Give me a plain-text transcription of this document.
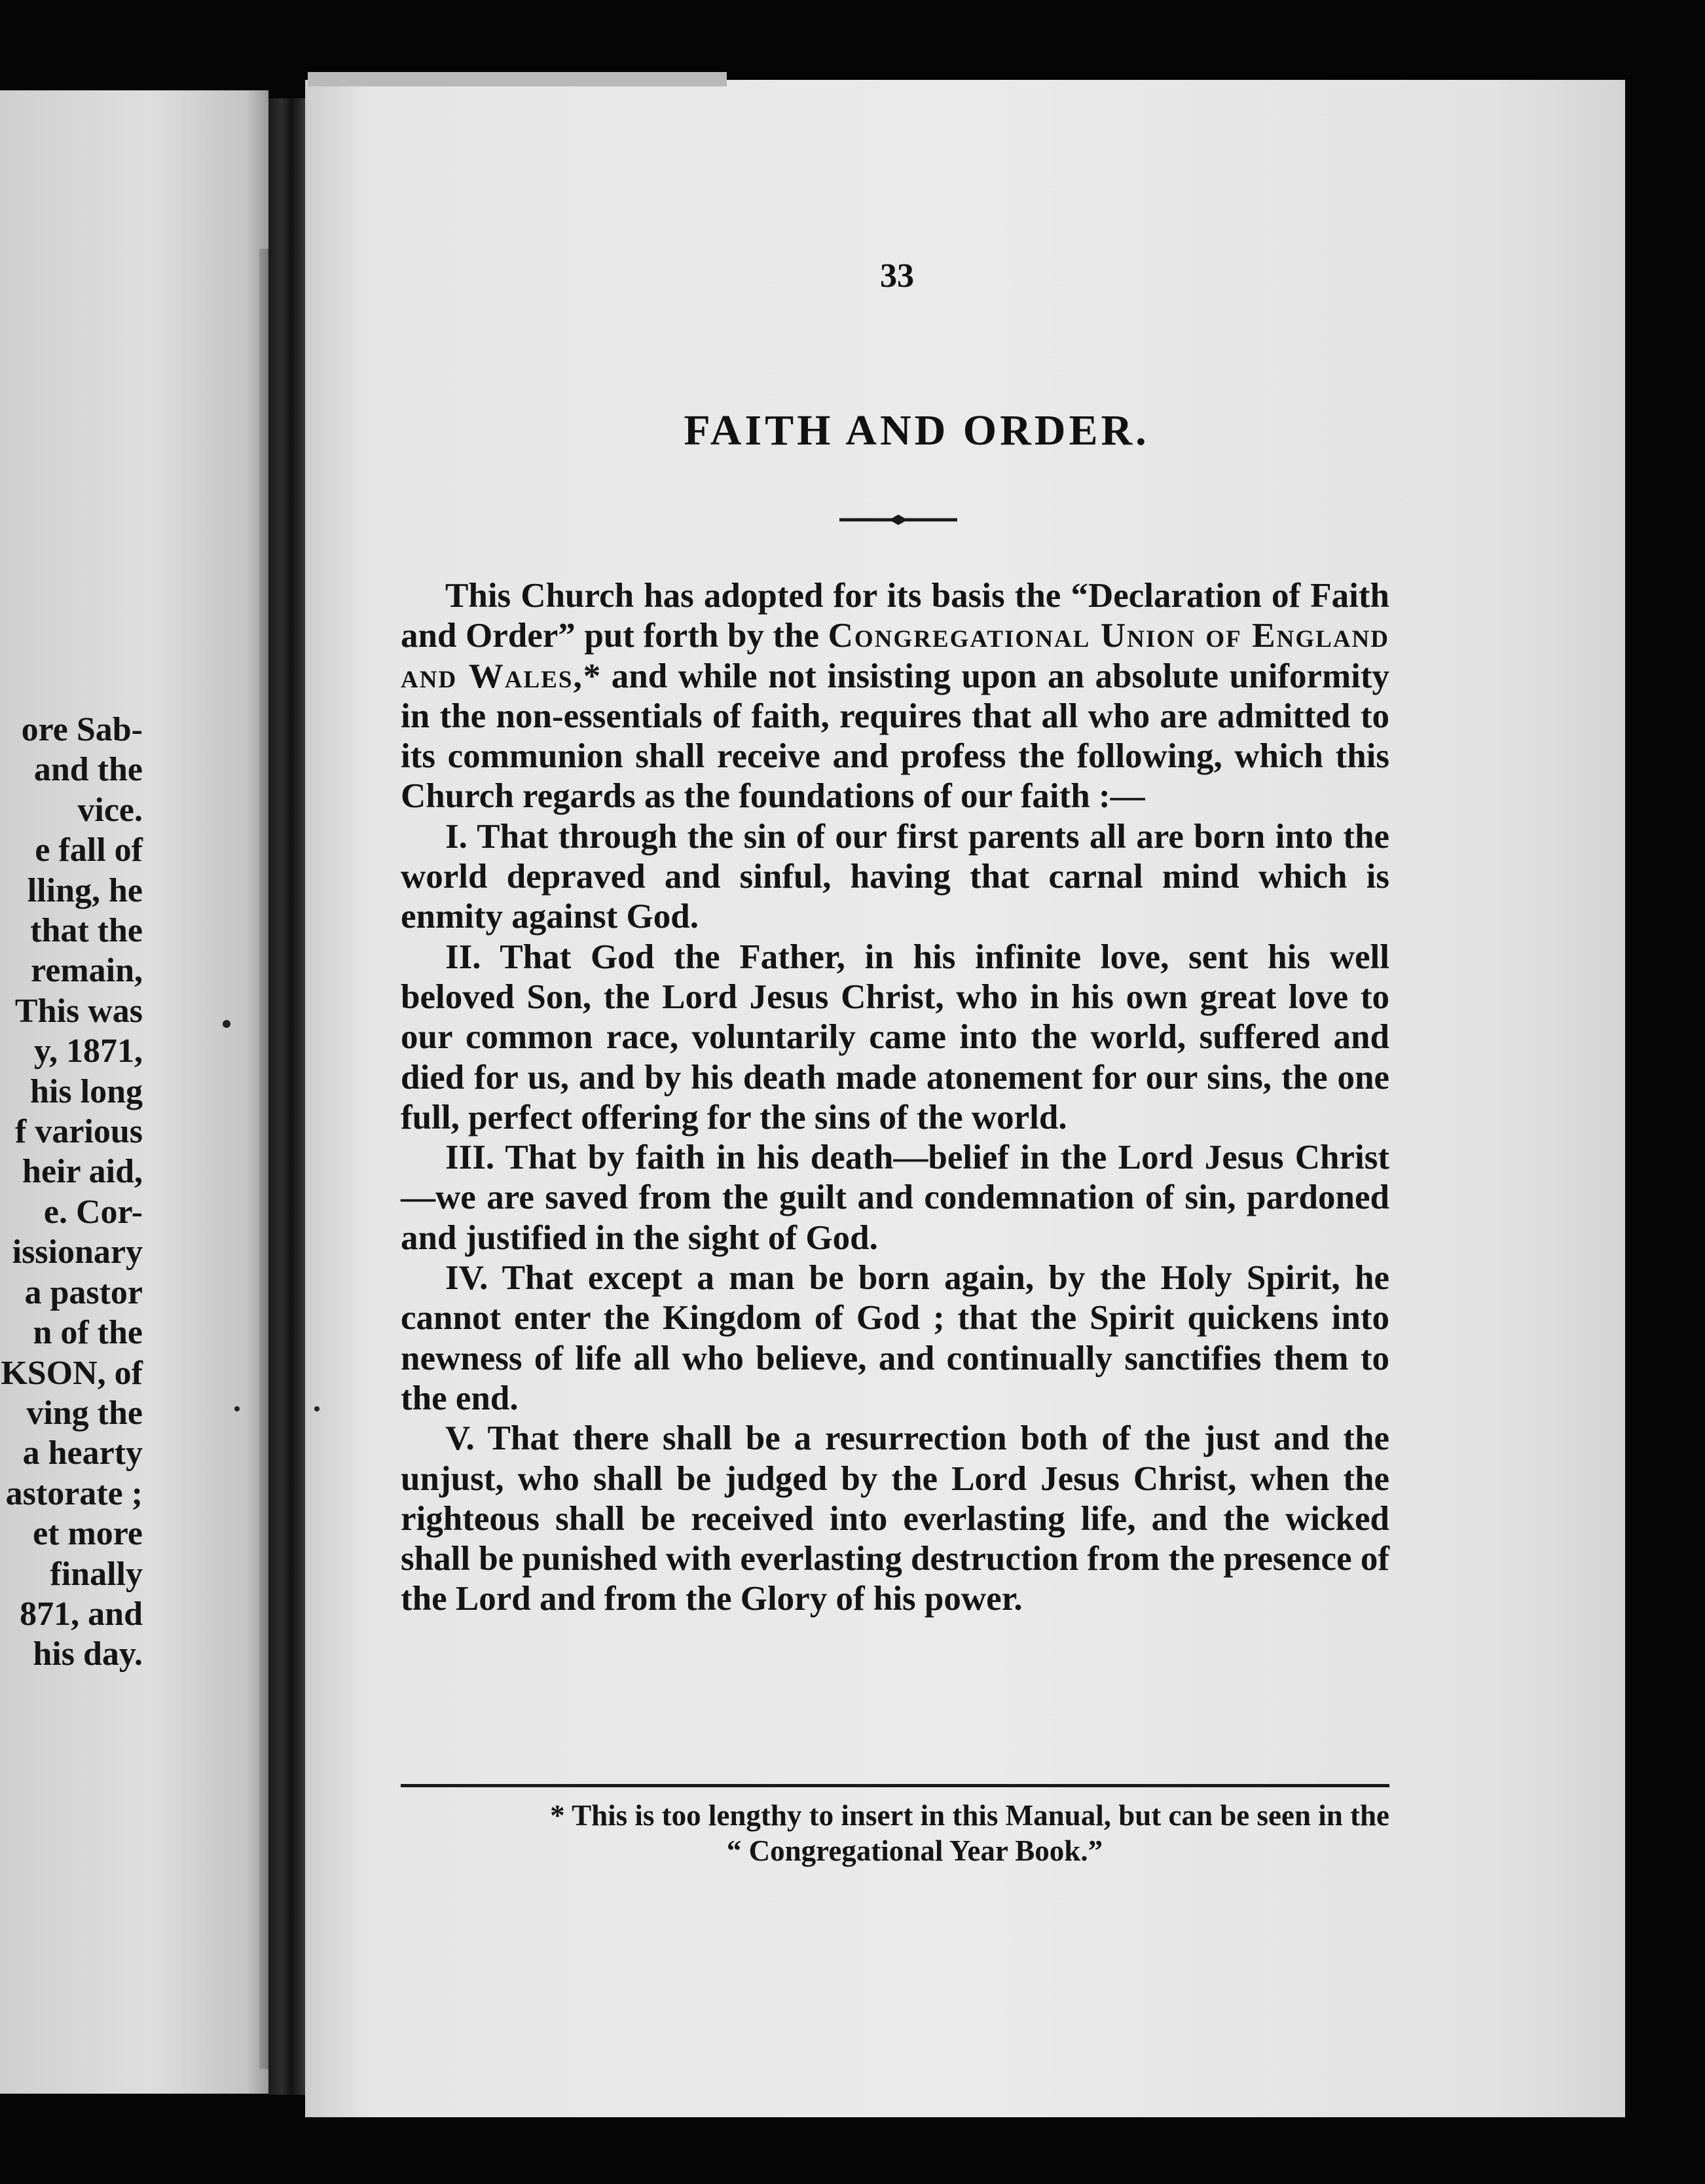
ore Sab-
and the
vice.
e fall of
lling, he
that the
remain,
This was
y, 1871,
his long
f various
heir aid,
e. Cor-
issionary
a pastor
n of the
KSON, of
ving the
a hearty
astorate ;
et more
finally
871, and
his day.
33
FAITH AND ORDER.

This Church has adopted for its basis the “Declaration of Faith and Order” put forth by the Congregational Union of England and Wales,* and while not insisting upon an absolute uniformity in the non-essentials of faith, requires that all who are admitted to its communion shall receive and profess the following, which this Church regards as the foundations of our faith :—

I. That through the sin of our first parents all are born into the world depraved and sinful, having that carnal mind which is enmity against God.

II. That God the Father, in his infinite love, sent his well beloved Son, the Lord Jesus Christ, who in his own great love to our common race, voluntarily came into the world, suffered and died for us, and by his death made atonement for our sins, the one full, perfect offering for the sins of the world.

III. That by faith in his death—belief in the Lord Jesus Christ—we are saved from the guilt and condemnation of sin, pardoned and justified in the sight of God.

IV. That except a man be born again, by the Holy Spirit, he cannot enter the Kingdom of God ; that the Spirit quickens into newness of life all who believe, and continually sanctifies them to the end.

V. That there shall be a resurrection both of the just and the unjust, who shall be judged by the Lord Jesus Christ, when the righteous shall be received into everlasting life, and the wicked shall be punished with everlasting destruction from the presence of the Lord and from the Glory of his power.

* This is too lengthy to insert in this Manual, but can be seen in the
“ Congregational Year Book.”
